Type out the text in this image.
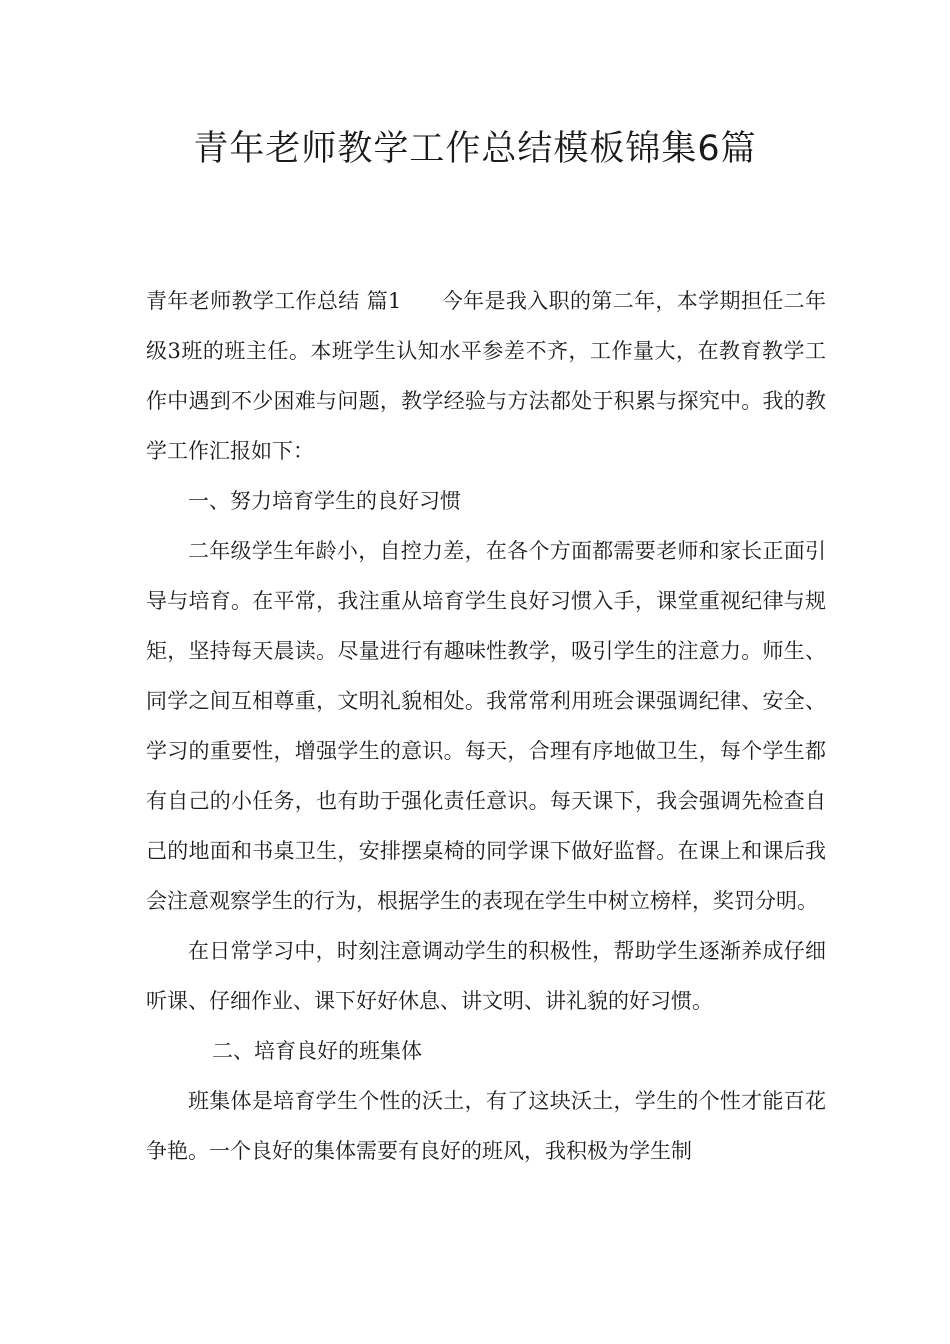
青年老师教学工作总结模板锦集6篇

青年老师教学工作总结 篇1 今年是我入职的第二年，本学期担任二年级3班的班主任。本班学生认知水平参差不齐，工作量大，在教育教学工作中遇到不少困难与问题，教学经验与方法都处于积累与探究中。我的教学工作汇报如下：

一、努力培育学生的良好习惯

二年级学生年龄小，自控力差，在各个方面都需要老师和家长正面引导与培育。在平常，我注重从培育学生良好习惯入手，课堂重视纪律与规矩，坚持每天晨读。尽量进行有趣味性教学，吸引学生的注意力。师生、同学之间互相尊重，文明礼貌相处。我常常利用班会课强调纪律、安全、学习的重要性，增强学生的意识。每天，合理有序地做卫生，每个学生都有自己的小任务，也有助于强化责任意识。每天课下，我会强调先检查自己的地面和书桌卫生，安排摆桌椅的同学课下做好监督。在课上和课后我会注意观察学生的行为，根据学生的表现在学生中树立榜样，奖罚分明。

在日常学习中，时刻注意调动学生的积极性，帮助学生逐渐养成仔细听课、仔细作业、课下好好休息、讲文明、讲礼貌的好习惯。

二、培育良好的班集体

班集体是培育学生个性的沃土，有了这块沃土，学生的个性才能百花争艳。一个良好的集体需要有良好的班风，我积极为学生制
